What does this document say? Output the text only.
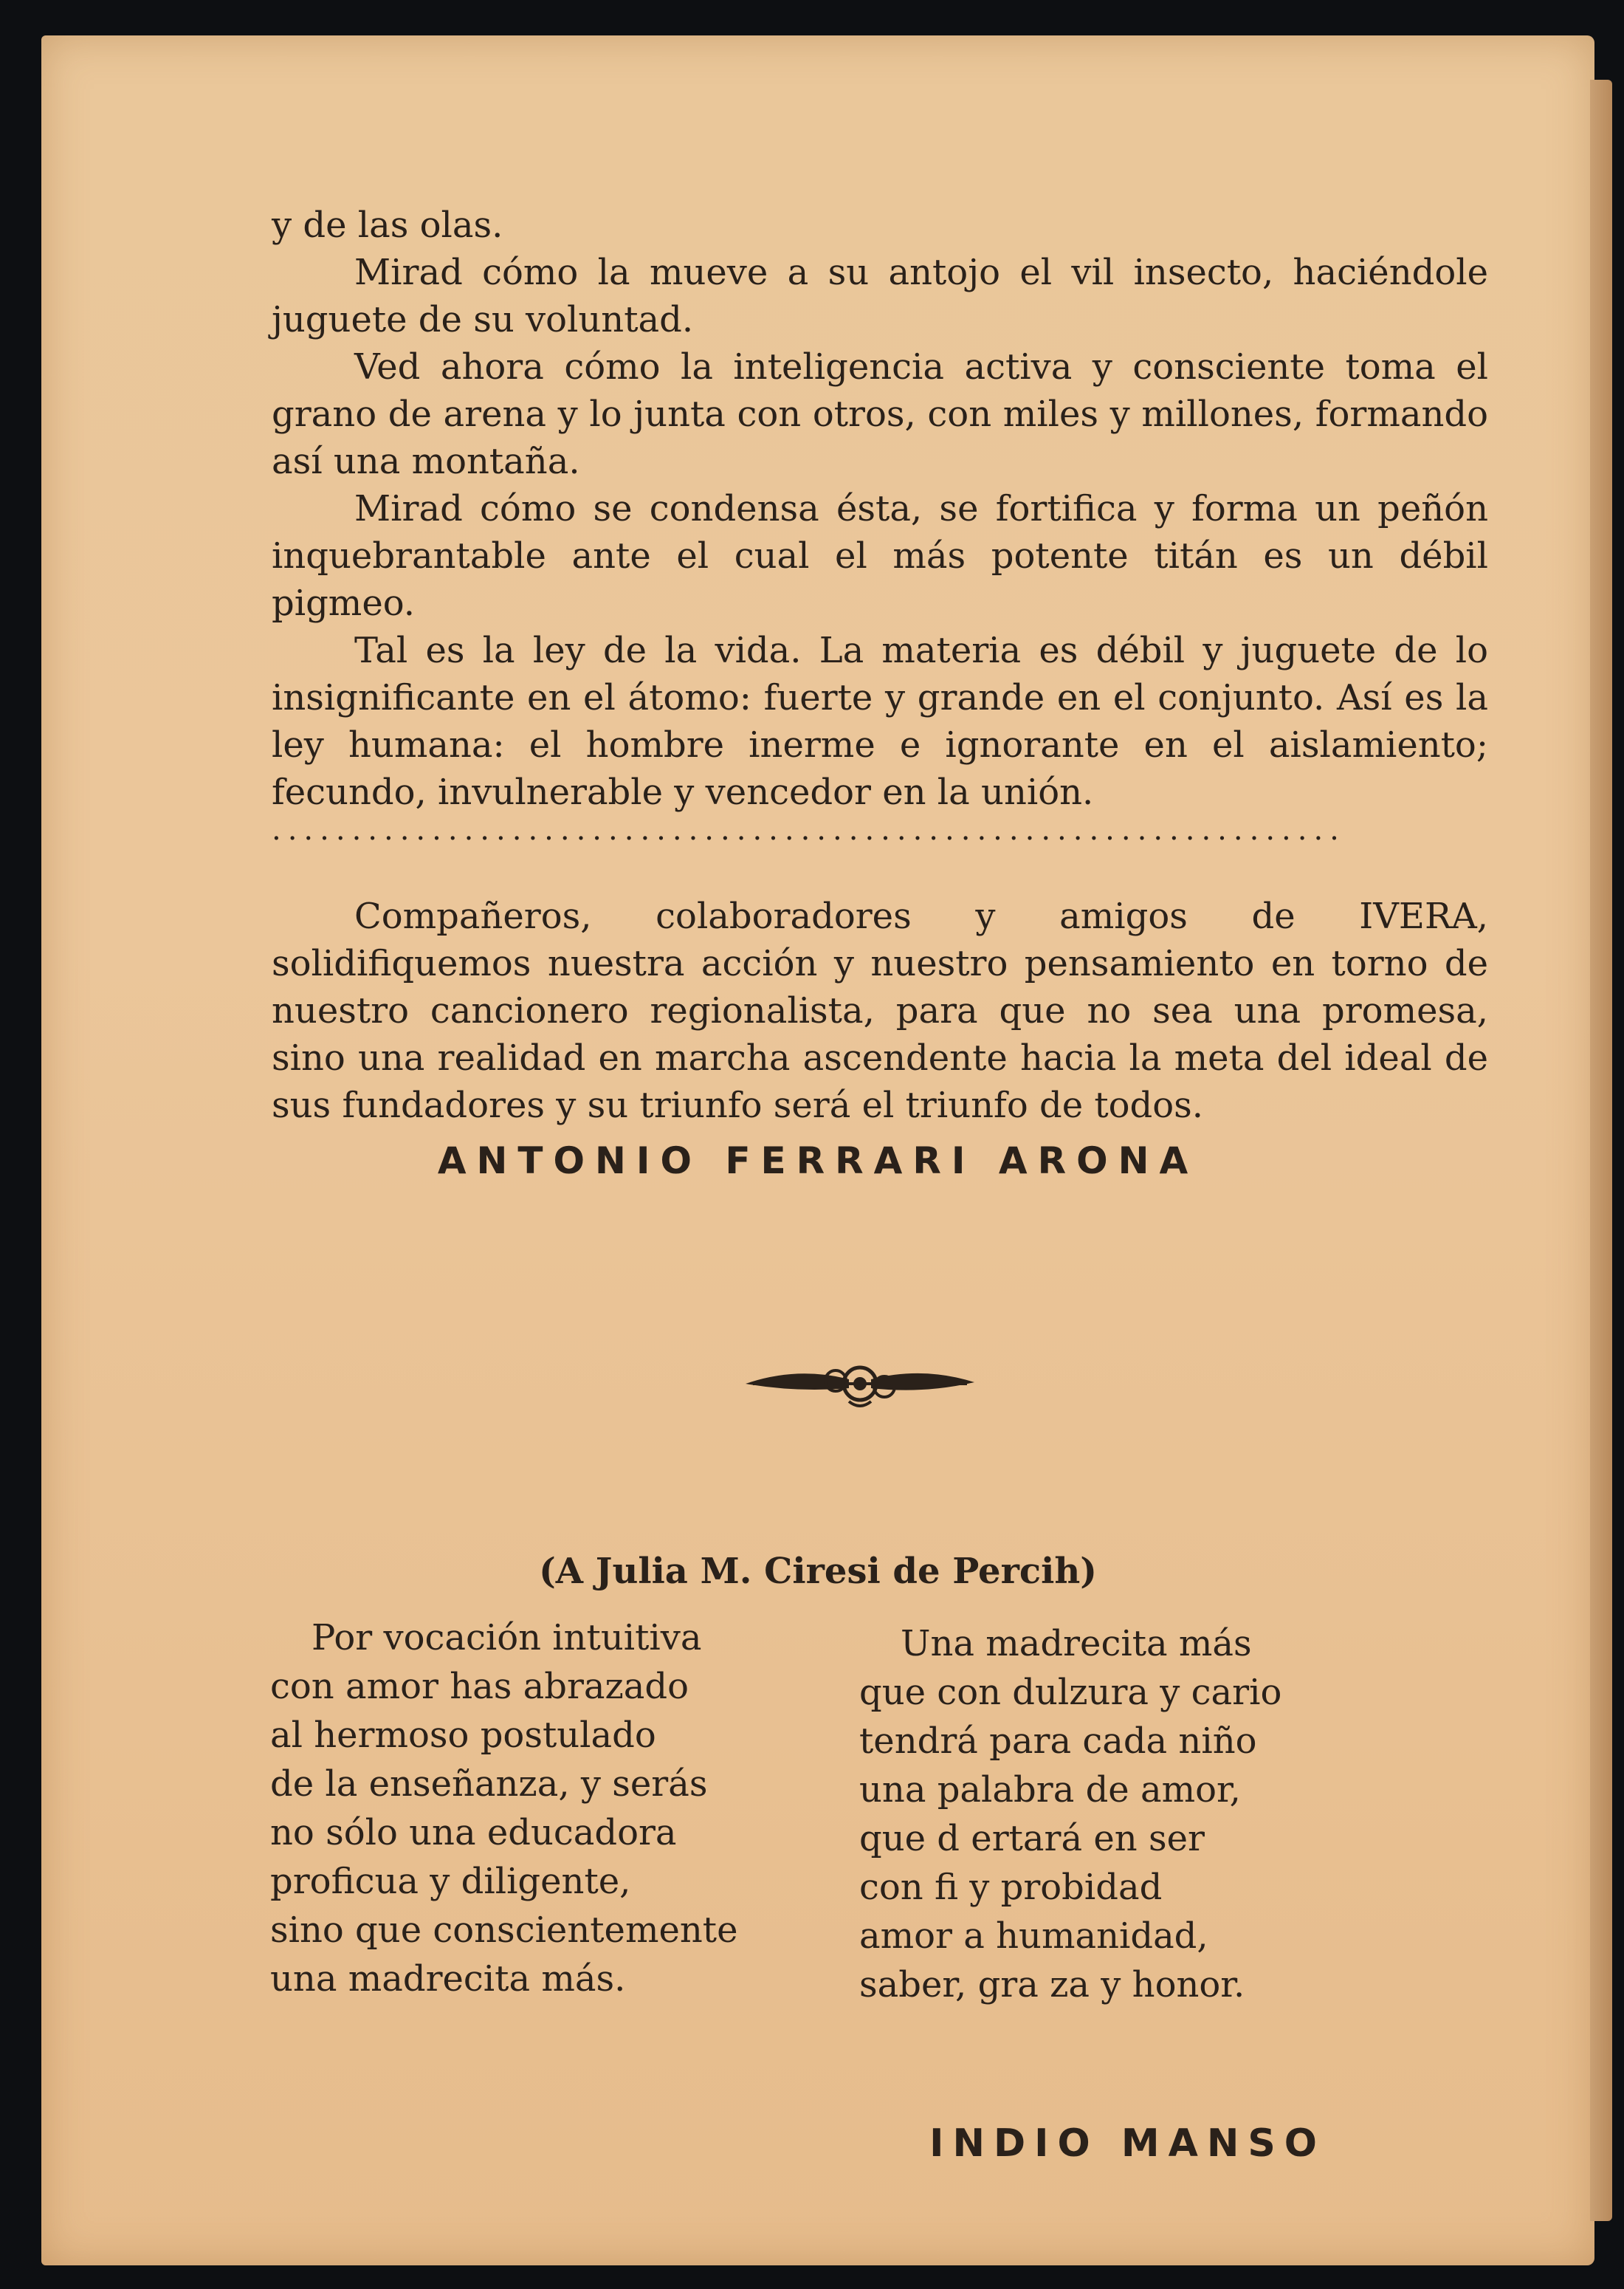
y de las olas.

Mirad cómo la mueve a su antojo el vil insecto, haciéndole juguete de su voluntad.

Ved ahora cómo la inteligencia activa y consciente toma el grano de arena y lo junta con otros, con miles y millones, formando así una montaña.

Mirad cómo se condensa ésta, se fortifica y forma un peñón inquebrantable ante el cual el más potente titán es un débil pigmeo.

Tal es la ley de la vida. La materia es débil y juguete de lo insignificante en el átomo: fuerte y grande en el conjunto. Así es la ley humana: el hombre inerme e ignorante en el aislamiento; fecundo, invulnerable y vencedor en la unión.

...................................................................

Compañeros, colaboradores y amigos de IVERA, solidifiquemos nuestra acción y nuestro pensamiento en torno de nuestro cancionero regionalista, para que no sea una promesa, sino una realidad en marcha ascendente hacia la meta del ideal de sus fundadores y su triunfo será el triunfo de todos.

ANTONIO FERRARI ARONA
(A Julia M. Ciresi de Percih)
Por vocación intuitiva
con amor has abrazado
al hermoso postulado
de la enseñanza, y serás
no sólo una educadora
proficua y diligente,
sino que conscientemente
una madrecita más.
Una madrecita más
que con dulzura y cario
tendrá para cada niño
una palabra de amor,
que d ertará en ser
con fi y probidad
amor a humanidad,
saber, gra za y honor.
INDIO MANSO
